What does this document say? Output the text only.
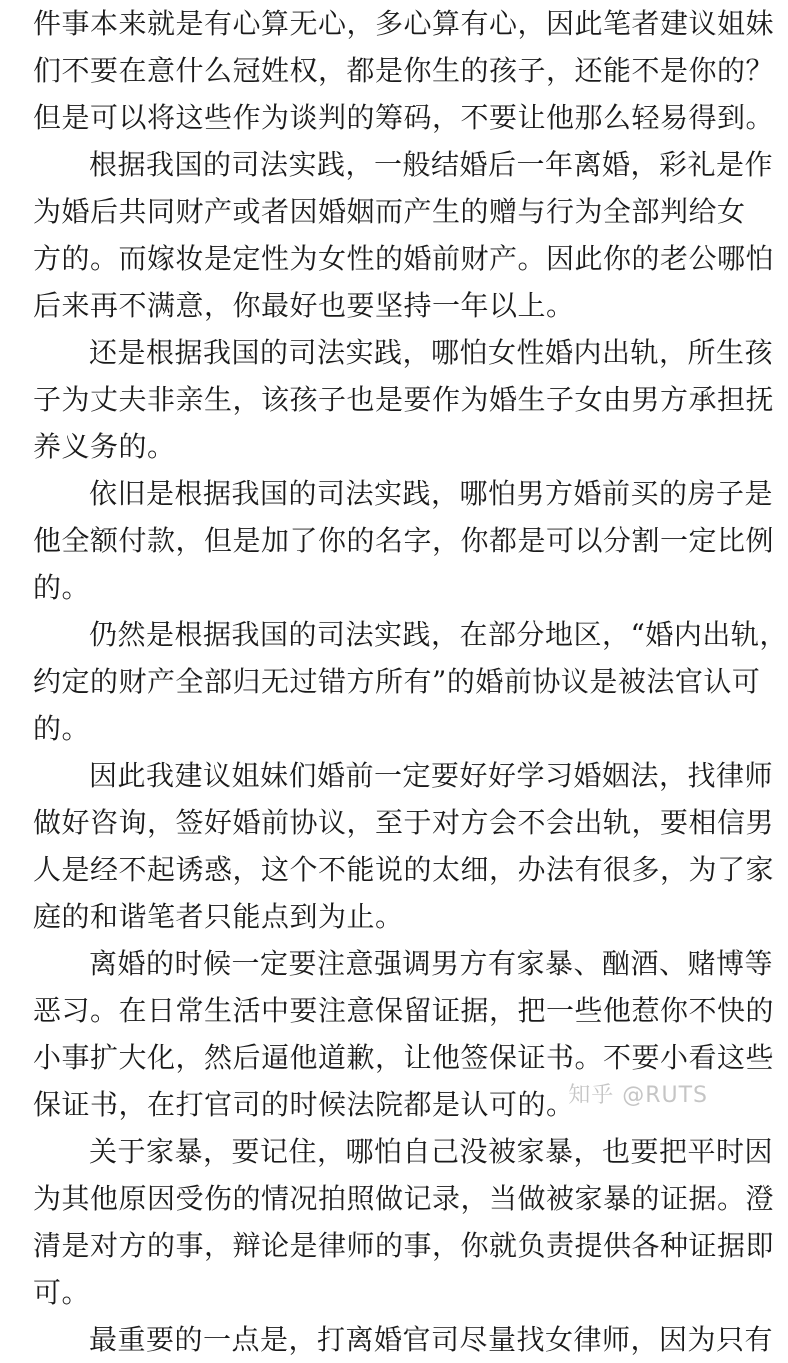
件事本来就是有心算无心，多心算有心，因此笔者建议姐妹
们不要在意什么冠姓权，都是你生的孩子，还能不是你的？
但是可以将这些作为谈判的筹码，不要让他那么轻易得到。
根据我国的司法实践，一般结婚后一年离婚，彩礼是作
为婚后共同财产或者因婚姻而产生的赠与行为全部判给女
方的。而嫁妆是定性为女性的婚前财产。因此你的老公哪怕
后来再不满意，你最好也要坚持一年以上。
还是根据我国的司法实践，哪怕女性婚内出轨，所生孩
子为丈夫非亲生，该孩子也是要作为婚生子女由男方承担抚
养义务的。
依旧是根据我国的司法实践，哪怕男方婚前买的房子是
他全额付款，但是加了你的名字，你都是可以分割一定比例
的。
仍然是根据我国的司法实践，在部分地区，“婚内出轨，
约定的财产全部归无过错方所有”的婚前协议是被法官认可
的。
因此我建议姐妹们婚前一定要好好学习婚姻法，找律师
做好咨询，签好婚前协议，至于对方会不会出轨，要相信男
人是经不起诱惑，这个不能说的太细，办法有很多，为了家
庭的和谐笔者只能点到为止。
离婚的时候一定要注意强调男方有家暴、酗酒、赌博等
恶习。在日常生活中要注意保留证据，把一些他惹你不快的
小事扩大化，然后逼他道歉，让他签保证书。不要小看这些
保证书，在打官司的时候法院都是认可的。
关于家暴，要记住，哪怕自己没被家暴，也要把平时因
为其他原因受伤的情况拍照做记录，当做被家暴的证据。澄
清是对方的事，辩论是律师的事，你就负责提供各种证据即
可。
最重要的一点是，打离婚官司尽量找女律师，因为只有
知乎 @RUTS
